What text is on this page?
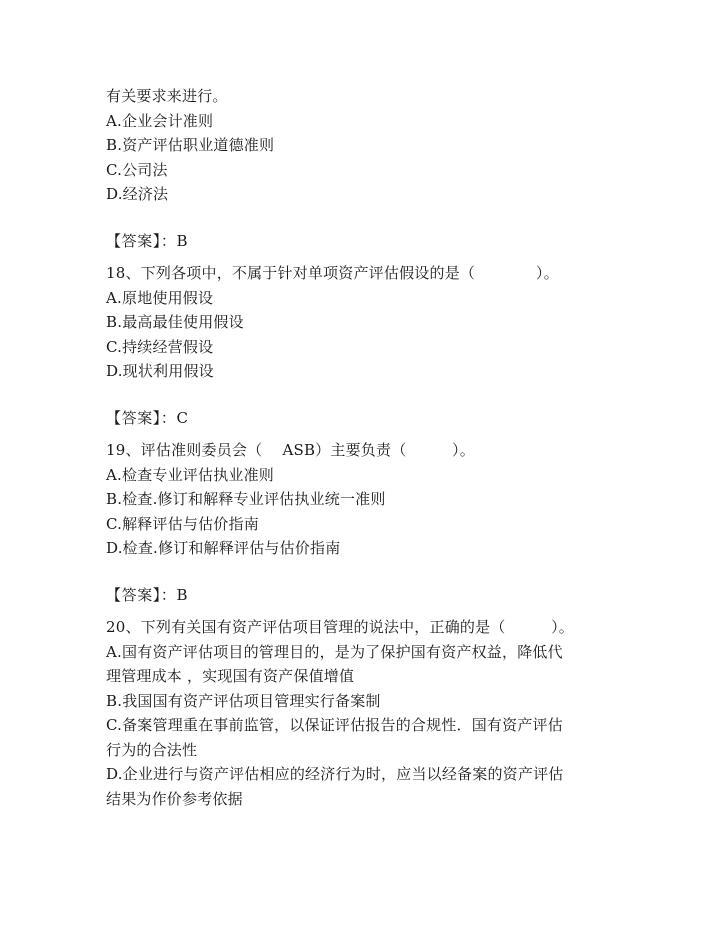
有关要求来进行。
A.企业会计准则
B.资产评估职业道德准则
C.公司法
D.经济法
【答案】：B
18、下列各项中，不属于针对单项资产评估假设的是（　　　　）。
A.原地使用假设
B.最高最佳使用假设
C.持续经营假设
D.现状利用假设
【答案】：C
19、评估准则委员会（　 ASB）主要负责（　　　）。
A.检查专业评估执业准则
B.检查.修订和解释专业评估执业统一准则
C.解释评估与估价指南
D.检查.修订和解释评估与估价指南
【答案】：B
20、下列有关国有资产评估项目管理的说法中，正确的是（　　　）。
A.国有资产评估项目的管理目的，是为了保护国有资产权益，降低代
理管理成本 ，实现国有资产保值增值
B.我国国有资产评估项目管理实行备案制
C.备案管理重在事前监管，以保证评估报告的合规性．国有资产评估
行为的合法性
D.企业进行与资产评估相应的经济行为时，应当以经备案的资产评估
结果为作价参考依据
